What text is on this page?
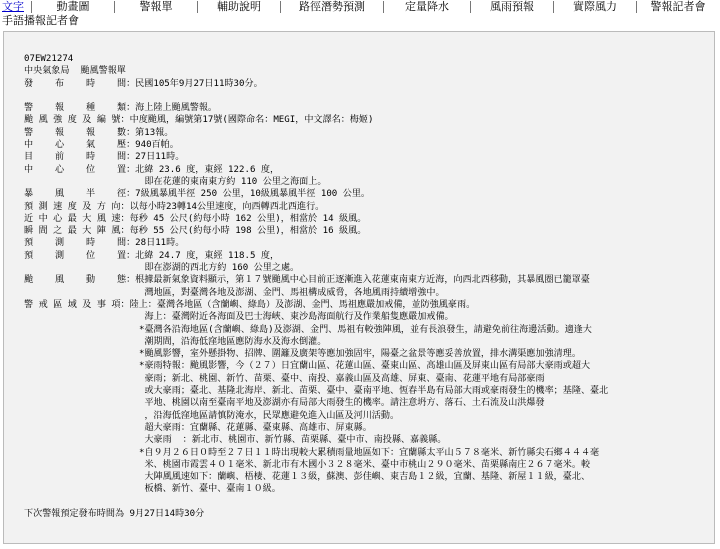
文字	動畫圖	警報單	輔助說明	路徑潛勢預測	定量降水	風雨預報	實際風力	警報記者會
手語播報記者會
07EW21274
中央氣象局  颱風警報單
發    布    時    間：民國105年9月27日11時30分。

警    報    種    類：海上陸上颱風警報。
颱 風 強 度 及 編 號：中度颱風，編號第17號(國際命名：MEGI，中文譯名：梅姬)
警    報    報    數：第13報。
中    心    氣    壓：940百帕。
目    前    時    間：27日11時。
中    心    位    置：北緯 23.6 度，東經 122.6 度，
即在花蓮的東南東方約 110 公里之海面上。
暴    風    半    徑：7級風暴風半徑 250 公里，10級風暴風半徑 100 公里。
預 測 速 度 及 方 向：以每小時23轉14公里速度，向西轉西北西進行。
近 中 心 最 大 風 速：每秒 45 公尺(約每小時 162 公里)，相當於 14 級風。
瞬 間 之 最 大 陣 風：每秒 55 公尺(約每小時 198 公里)，相當於 16 級風。
預    測    時    間：28日11時。
預    測    位    置：北緯 24.7 度，東經 118.5 度，
即在澎湖的西北方約 160 公里之處。
颱    風    動    態：根據最新氣象資料顯示，第１７號颱風中心目前正逐漸進入花蓮東南東方近海，向西北西移動，其暴風圈已籠罩臺
灣地區，對臺灣各地及澎湖、金門、馬祖構成威脅，各地風雨持續增強中。
警 戒 區 域 及 事 項：陸上：臺灣各地區（含蘭嶼、綠島）及澎湖、金門、馬祖應嚴加戒備，並防強風豪雨。
海上：臺灣附近各海面及巴士海峽、東沙島海面航行及作業船隻應嚴加戒備。
*臺灣各沿海地區(含蘭嶼、綠島)及澎湖、金門、馬祖有較強陣風，並有長浪發生，請避免前往海邊活動。適逢大
潮期間，沿海低窪地區應防海水及海水倒灌。
*颱風影響，室外懸掛物、招牌、圍籬及廣架等應加強固牢，陽臺之盆景等應妥善放置，排水溝渠應加強清理。
*豪雨特報：颱風影響，今（２７）日宜蘭山區、花蓮山區、臺東山區、高雄山區及屏東山區有局部大豪雨或超大
豪雨；新北、桃園、新竹、苗栗、臺中、南投、嘉義山區及高雄、屏東、臺南、花蓮平地有局部豪雨
或大豪雨；臺北、基隆北海岸、新北、苗栗、臺中、臺南平地、恆春半島有局部大雨或豪雨發生的機率；基隆、臺北
平地、桃園以南至臺南平地及澎湖亦有局部大雨發生的機率。請注意坍方、落石、土石流及山洪爆發
，沿海低窪地區請慎防淹水，民眾應避免進入山區及河川活動。
超大豪雨：宜蘭縣、花蓮縣、臺東縣、高雄市、屏東縣。
大豪雨  ：新北市、桃園市、新竹縣、苗栗縣、臺中市、南投縣、嘉義縣。
*自９月２６日０時至２７日１１時出現較大累積雨量地區如下：宜蘭縣太平山５７８毫米、新竹縣尖石鄉４４４毫
米、桃園市霞雲４０１毫米、新北市有木國小３２８毫米、臺中市桃山２９０毫米、苗栗縣南庄２６７毫米。較
大陣風風速如下：蘭嶼、梧棲、花蓮１３級，蘇澳、彭佳嶼、東吉島１２級，宜蘭、基隆、新屋１１級，臺北、
板橋、新竹、臺中、臺南１０級。

下次警報預定發布時間為 9月27日14時30分
